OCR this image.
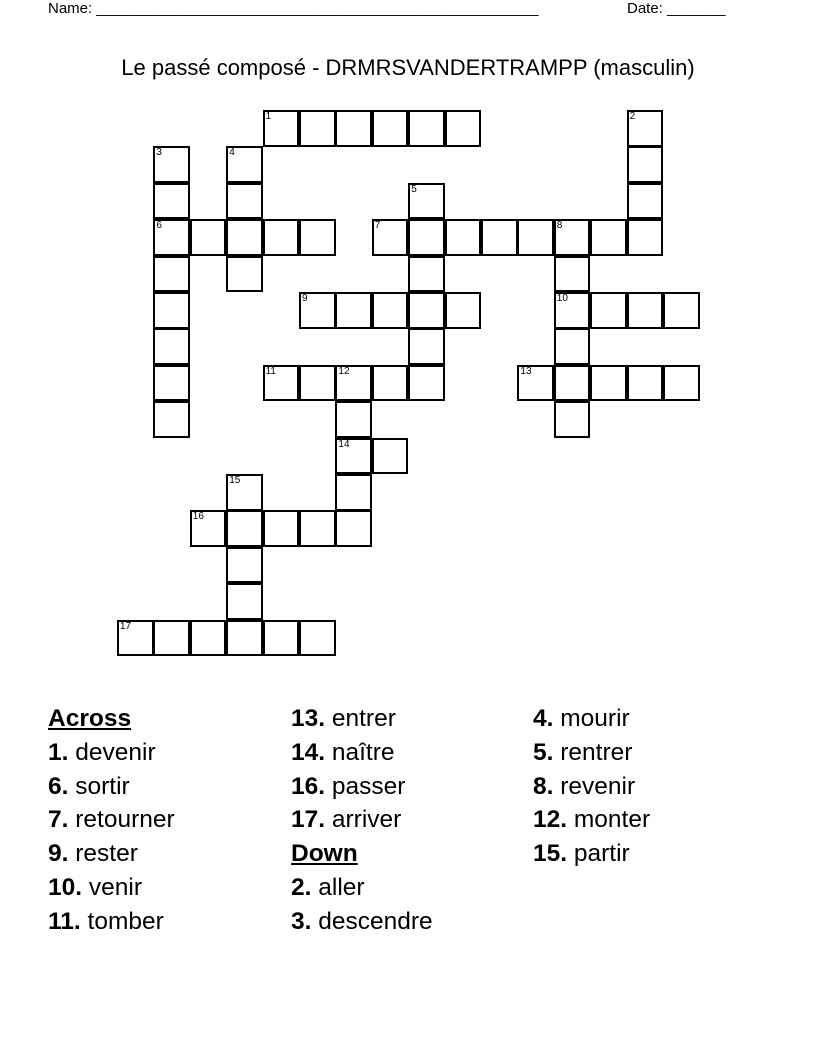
Name: _____________________________________________________	Date: _______
Le passé composé - DRMRSVANDERTRAMPP (masculin)
1
6	7	8
9	10
11	12	13
14
16
17
2
3	4
5
15
Across
1. devenir
6. sortir
7. retourner
9. rester
10. venir
11. tomber
13. entrer
14. naître
16. passer
17. arriver
Down
2. aller
3. descendre
4. mourir
5. rentrer
8. revenir
12. monter
15. partir
